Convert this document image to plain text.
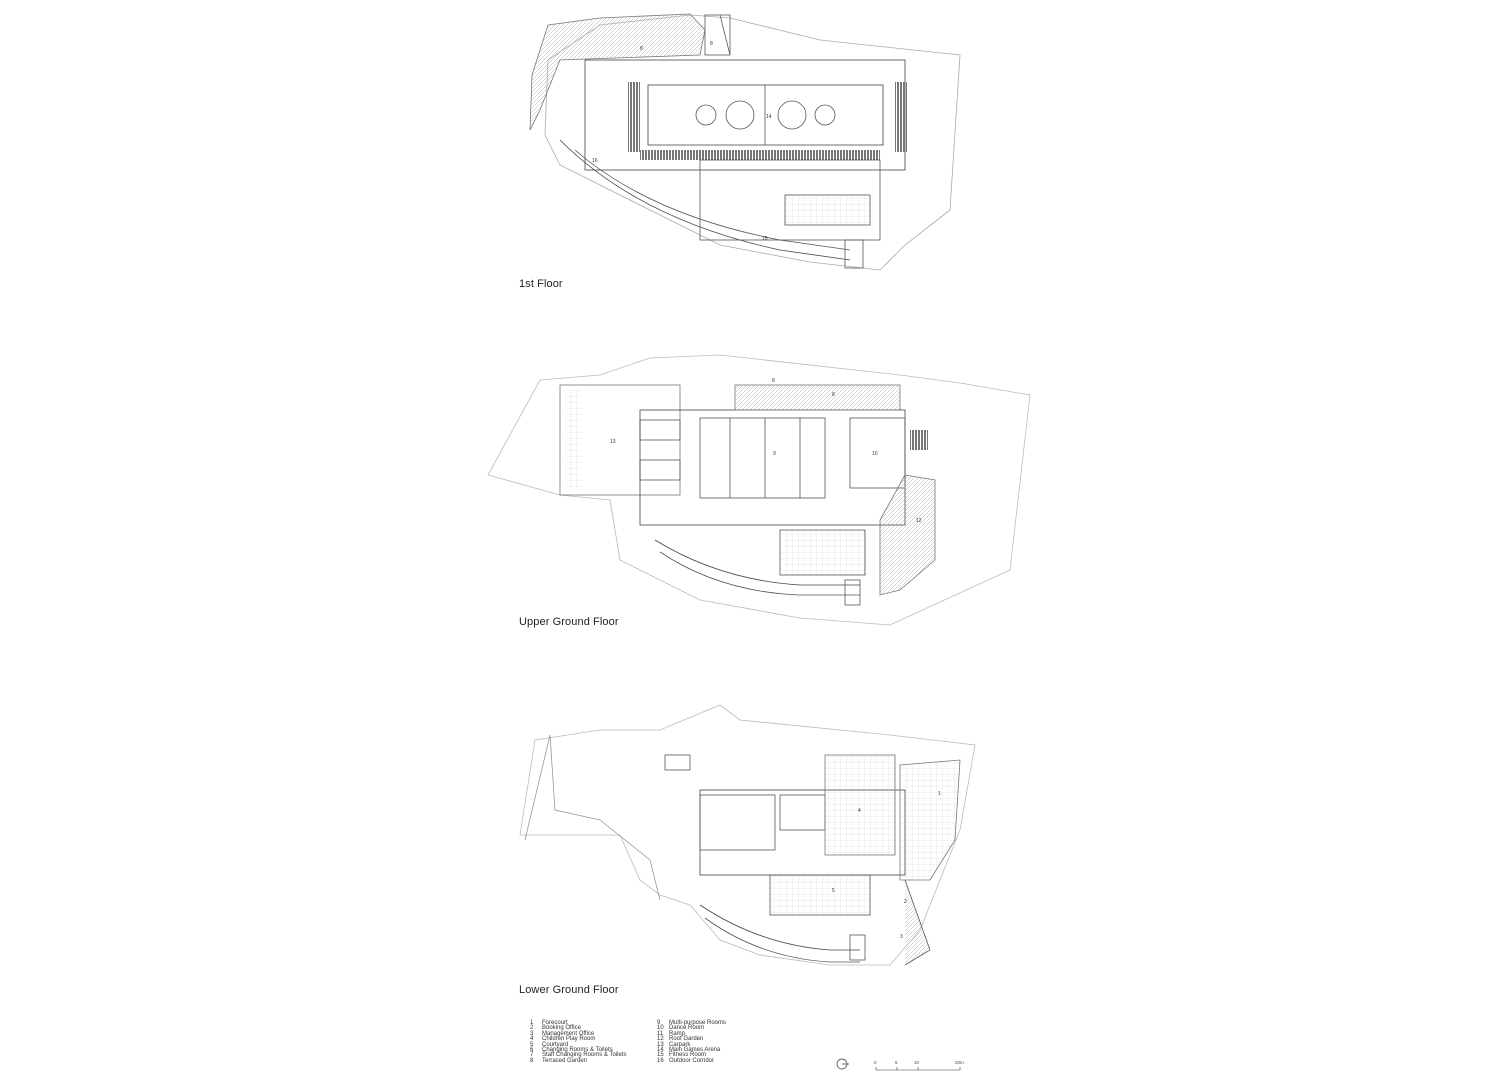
8
8
14
16
15
13
9	10
12
8
8
1
4
5
2
3
1st Floor
Upper Ground Floor
Lower Ground Floor
1	Forecourt
2	Booking Office
3	Management Office
4	Children Play Room
5	Courtyard
6	Changing Rooms & Toilets
7	Staff Changing Rooms & Toilets
8	Terraced Garden
9	Multi-purpose Rooms
10 Dance Room
11 Ramp
12 Roof Garden
13 Carpark
14 Main Games Arena
15 Fitness Room
16 Outdoor Corridor	0	5	10	20m
